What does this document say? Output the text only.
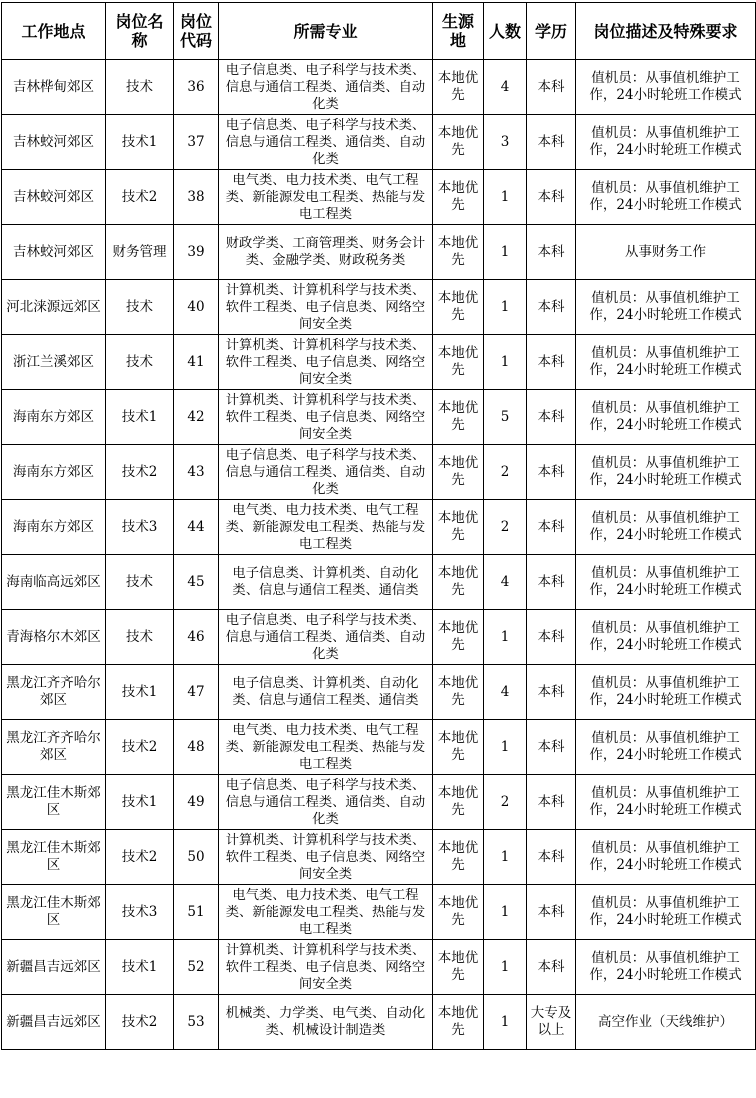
工作地点	岗位名称	岗位代码	所需专业	生源地	人数	学历	岗位描述及特殊要求
吉林桦甸郊区	技术	36	电子信息类、电子科学与技术类、信息与通信工程类、通信类、自动化类	本地优先	4	本科	值机员：从事值机维护工作，24小时轮班工作模式
吉林蛟河郊区	技术1	37	电子信息类、电子科学与技术类、信息与通信工程类、通信类、自动化类	本地优先	3	本科	值机员：从事值机维护工作，24小时轮班工作模式
吉林蛟河郊区	技术2	38	电气类、电力技术类、电气工程类、新能源发电工程类、热能与发电工程类	本地优先	1	本科	值机员：从事值机维护工作，24小时轮班工作模式
吉林蛟河郊区	财务管理	39	财政学类、工商管理类、财务会计类、金融学类、财政税务类	本地优先	1	本科	从事财务工作
河北涞源远郊区	技术	40	计算机类、计算机科学与技术类、软件工程类、电子信息类、网络空间安全类	本地优先	1	本科	值机员：从事值机维护工作，24小时轮班工作模式
浙江兰溪郊区	技术	41	计算机类、计算机科学与技术类、软件工程类、电子信息类、网络空间安全类	本地优先	1	本科	值机员：从事值机维护工作，24小时轮班工作模式
海南东方郊区	技术1	42	计算机类、计算机科学与技术类、软件工程类、电子信息类、网络空间安全类	本地优先	5	本科	值机员：从事值机维护工作，24小时轮班工作模式
海南东方郊区	技术2	43	电子信息类、电子科学与技术类、信息与通信工程类、通信类、自动化类	本地优先	2	本科	值机员：从事值机维护工作，24小时轮班工作模式
海南东方郊区	技术3	44	电气类、电力技术类、电气工程类、新能源发电工程类、热能与发电工程类	本地优先	2	本科	值机员：从事值机维护工作，24小时轮班工作模式
海南临高远郊区	技术	45	电子信息类、计算机类、自动化类、信息与通信工程类、通信类	本地优先	4	本科	值机员：从事值机维护工作，24小时轮班工作模式
青海格尔木郊区	技术	46	电子信息类、电子科学与技术类、信息与通信工程类、通信类、自动化类	本地优先	1	本科	值机员：从事值机维护工作，24小时轮班工作模式
黑龙江齐齐哈尔郊区	技术1	47	电子信息类、计算机类、自动化类、信息与通信工程类、通信类	本地优先	4	本科	值机员：从事值机维护工作，24小时轮班工作模式
黑龙江齐齐哈尔郊区	技术2	48	电气类、电力技术类、电气工程类、新能源发电工程类、热能与发电工程类	本地优先	1	本科	值机员：从事值机维护工作，24小时轮班工作模式
黑龙江佳木斯郊区	技术1	49	电子信息类、电子科学与技术类、信息与通信工程类、通信类、自动化类	本地优先	2	本科	值机员：从事值机维护工作，24小时轮班工作模式
黑龙江佳木斯郊区	技术2	50	计算机类、计算机科学与技术类、软件工程类、电子信息类、网络空间安全类	本地优先	1	本科	值机员：从事值机维护工作，24小时轮班工作模式
黑龙江佳木斯郊区	技术3	51	电气类、电力技术类、电气工程类、新能源发电工程类、热能与发电工程类	本地优先	1	本科	值机员：从事值机维护工作，24小时轮班工作模式
新疆昌吉远郊区	技术1	52	计算机类、计算机科学与技术类、软件工程类、电子信息类、网络空间安全类	本地优先	1	本科	值机员：从事值机维护工作，24小时轮班工作模式
新疆昌吉远郊区	技术2	53	机械类、力学类、电气类、自动化类、机械设计制造类	本地优先	1	大专及以上	高空作业（天线维护）
